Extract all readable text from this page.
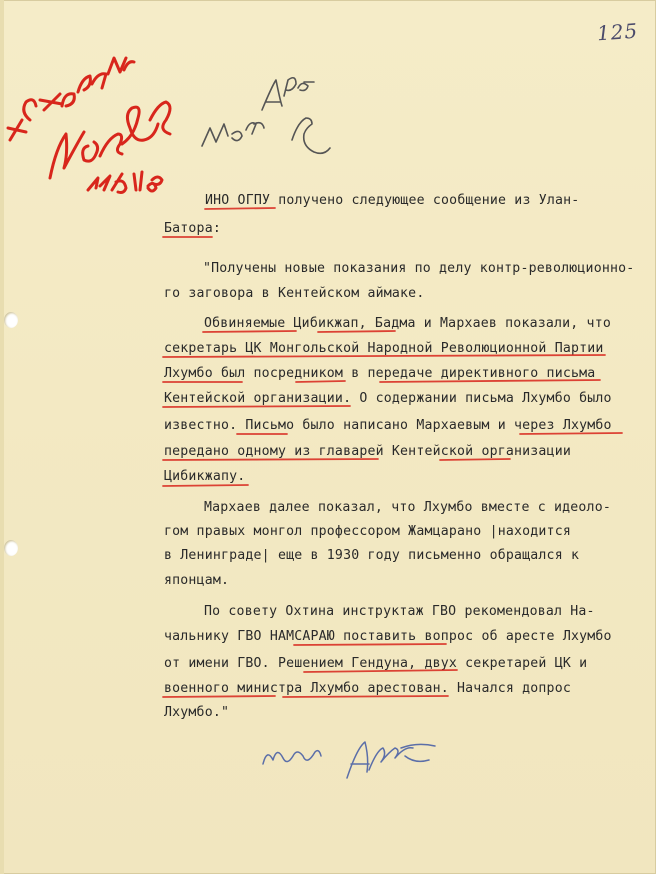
125
ИНО ОГПУ получено следующее сообщение из Улан-
Батора:
"Получены новые показания по делу контр-революционно-
го заговора в Кентейском аймаке.
Обвиняемые Цибикжап, Бадма и Мархаев показали, что
секретарь ЦК Монгольской Народной Революционной Партии
Лхумбо был посредником в передаче директивного письма
Кентейской организации. О содержании письма Лхумбо было
известно. Письмо было написано Мархаевым и через Лхумбо
передано одному из главарей Кентейской организации
Цибикжапу.
Мархаев далее показал, что Лхумбо вместе с идеоло-
гом правых монгол профессором Жамцарано |находится
в Ленинграде| еще в 1930 году письменно обращался к
японцам.
По совету Охтина инструктаж ГВО рекомендовал На-
чальнику ГВО НАМСАРАЮ поставить вопрос об аресте Лхумбо
от имени ГВО. Решением Гендуна, двух секретарей ЦК и
военного министра Лхумбо арестован. Начался допрос
Лхумбо."
